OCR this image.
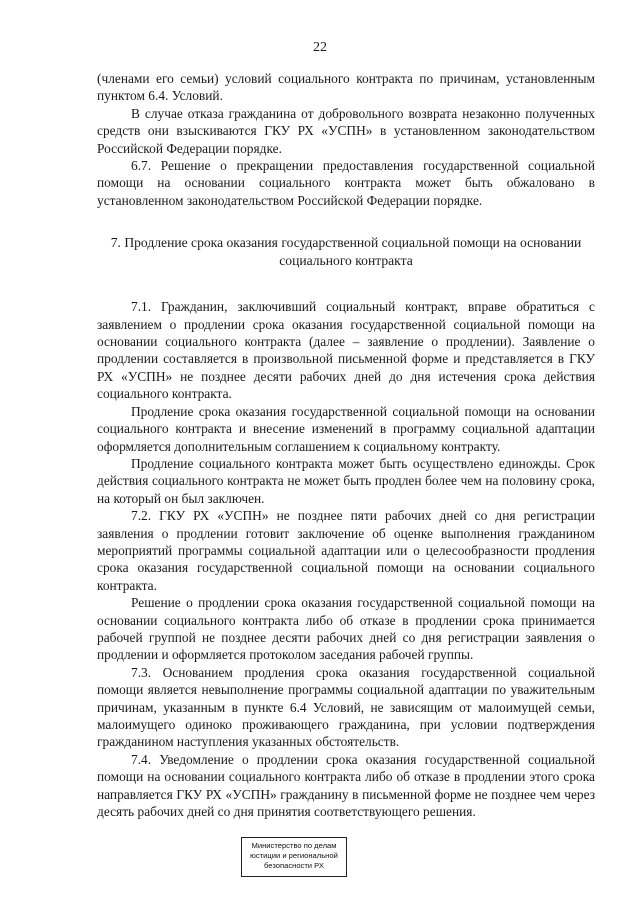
22

(членами его семьи) условий социального контракта по причинам, установленным пунктом 6.4. Условий.

В случае отказа гражданина от добровольного возврата незаконно полученных средств они взыскиваются ГКУ РХ «УСПН» в установленном законодательством Российской Федерации порядке.

6.7. Решение о прекращении предоставления государственной социальной помощи на основании социального контракта может быть обжаловано в установленном законодательством Российской Федерации порядке.

7. Продление срока оказания государственной социальной помощи на основании социального контракта

7.1. Гражданин, заключивший социальный контракт, вправе обратиться с заявлением о продлении срока оказания государственной социальной помощи на основании социального контракта (далее – заявление о продлении). Заявление о продлении составляется в произвольной письменной форме и представляется в ГКУ РХ «УСПН» не позднее десяти рабочих дней до дня истечения срока действия социального контракта.

Продление срока оказания государственной социальной помощи на основании социального контракта и внесение изменений в программу социальной адаптации оформляется дополнительным соглашением к социальному контракту.

Продление социального контракта может быть осуществлено единожды. Срок действия социального контракта не может быть продлен более чем на половину срока, на который он был заключен.

7.2. ГКУ РХ «УСПН» не позднее пяти рабочих дней со дня регистрации заявления о продлении готовит заключение об оценке выполнения гражданином мероприятий программы социальной адаптации или о целесообразности продления срока оказания государственной социальной помощи на основании социального контракта.

Решение о продлении срока оказания государственной социальной помощи на основании социального контракта либо об отказе в продлении срока принимается рабочей группой не позднее десяти рабочих дней со дня регистрации заявления о продлении и оформляется протоколом заседания рабочей группы.

7.3. Основанием продления срока оказания государственной социальной помощи является невыполнение программы социальной адаптации по уважительным причинам, указанным в пункте 6.4 Условий, не зависящим от малоимущей семьи, малоимущего одиноко проживающего гражданина, при условии подтверждения гражданином наступления указанных обстоятельств.

7.4. Уведомление о продлении срока оказания государственной социальной помощи на основании социального контракта либо об отказе в продлении этого срока направляется ГКУ РХ «УСПН» гражданину в письменной форме не позднее чем через десять рабочих дней со дня принятия соответствующего решения.

Министерство по делам
юстиции и региональной
безопасности РХ
